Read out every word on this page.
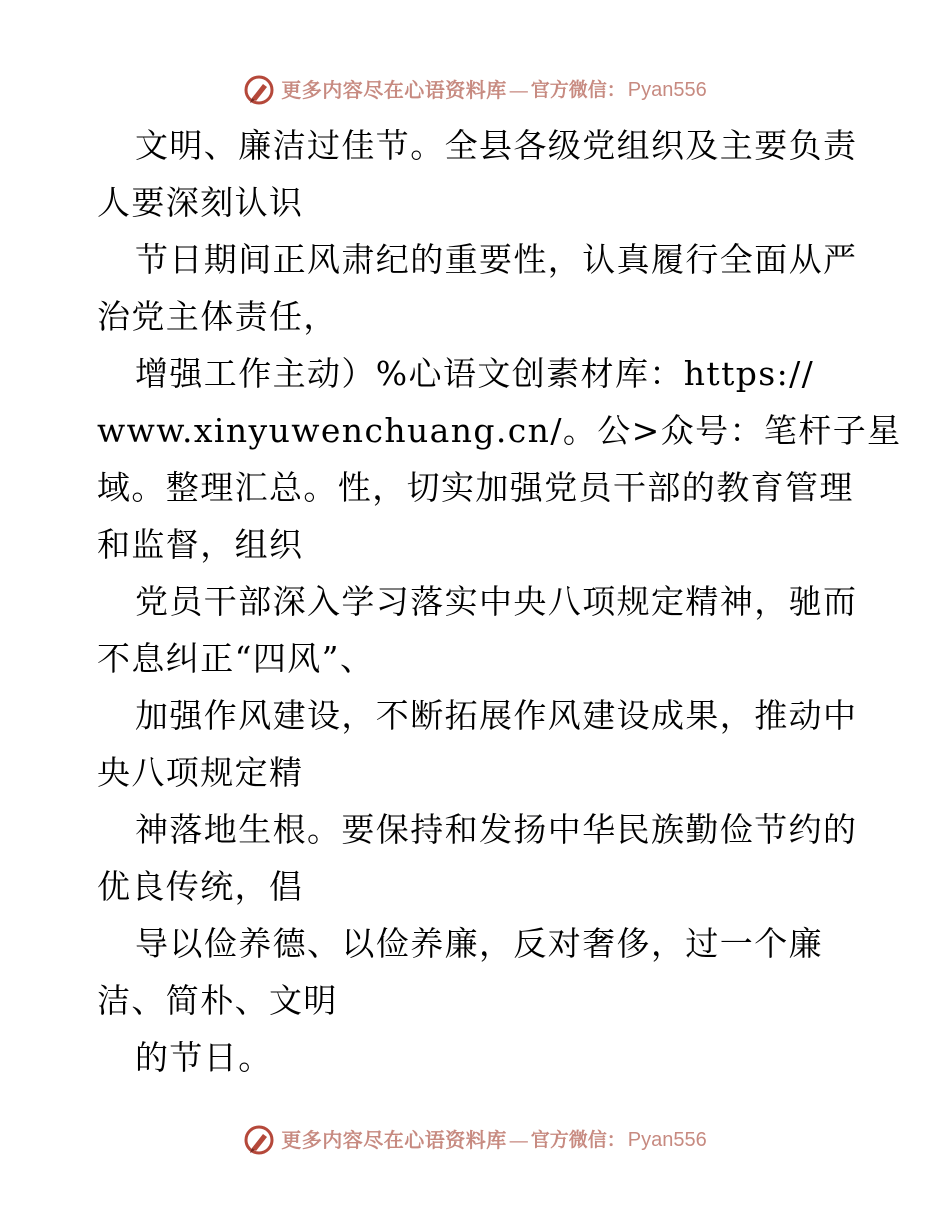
更多内容尽在心语资料库 — 官方微信： Pyan556
文明、廉洁过佳节。全县各级党组织及主要负责
人要深刻认识
节日期间正风肃纪的重要性，认真履行全面从严
治党主体责任，
增强工作主动）%心语文创素材库：https://
www.xinyuwenchuang.cn/。公>众号：笔杆子星
域。整理汇总。性，切实加强党员干部的教育管理
和监督，组织
党员干部深入学习落实中央八项规定精神，驰而
不息纠正“四风”、
加强作风建设，不断拓展作风建设成果，推动中
央八项规定精
神落地生根。要保持和发扬中华民族勤俭节约的
优良传统，倡
导以俭养德、以俭养廉，反对奢侈，过一个廉
洁、简朴、文明
的节日。
更多内容尽在心语资料库 — 官方微信： Pyan556
